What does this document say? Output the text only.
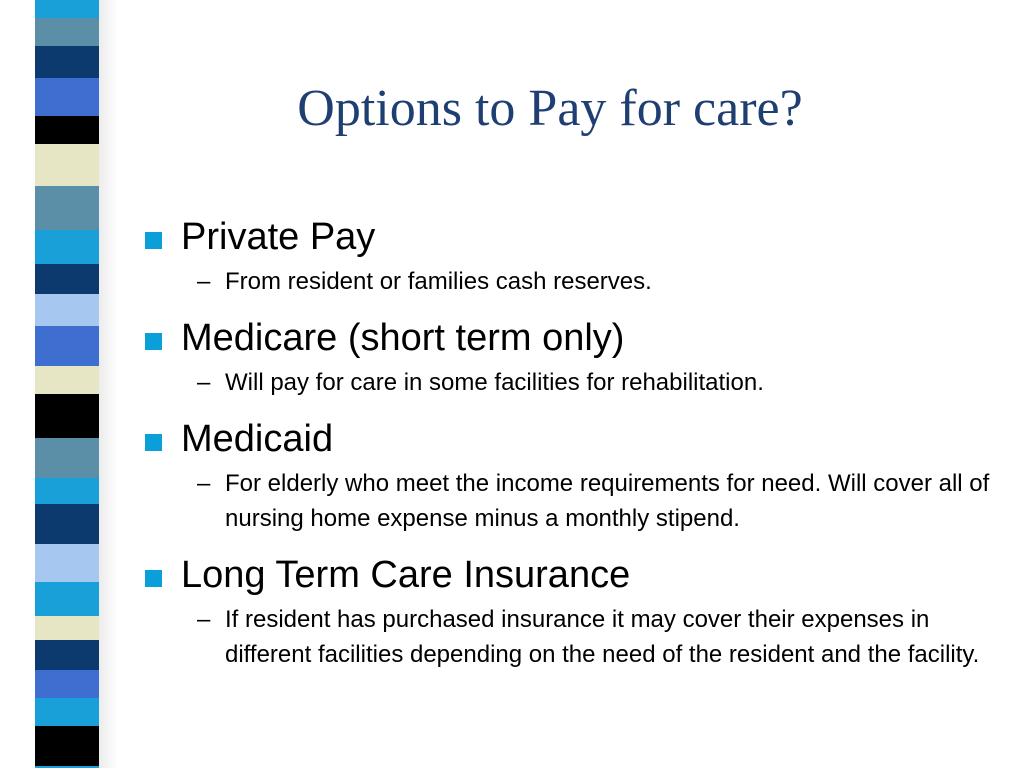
Options to Pay for care?
Private Pay
– From resident or families cash reserves.
Medicare (short term only)
– Will pay for care in some facilities for rehabilitation.
Medicaid
– For elderly who meet the income requirements for need. Will cover all of nursing home expense minus a monthly stipend.
Long Term Care Insurance
– If resident has purchased insurance it may cover their expenses in different facilities depending on the need of the resident and the facility.
